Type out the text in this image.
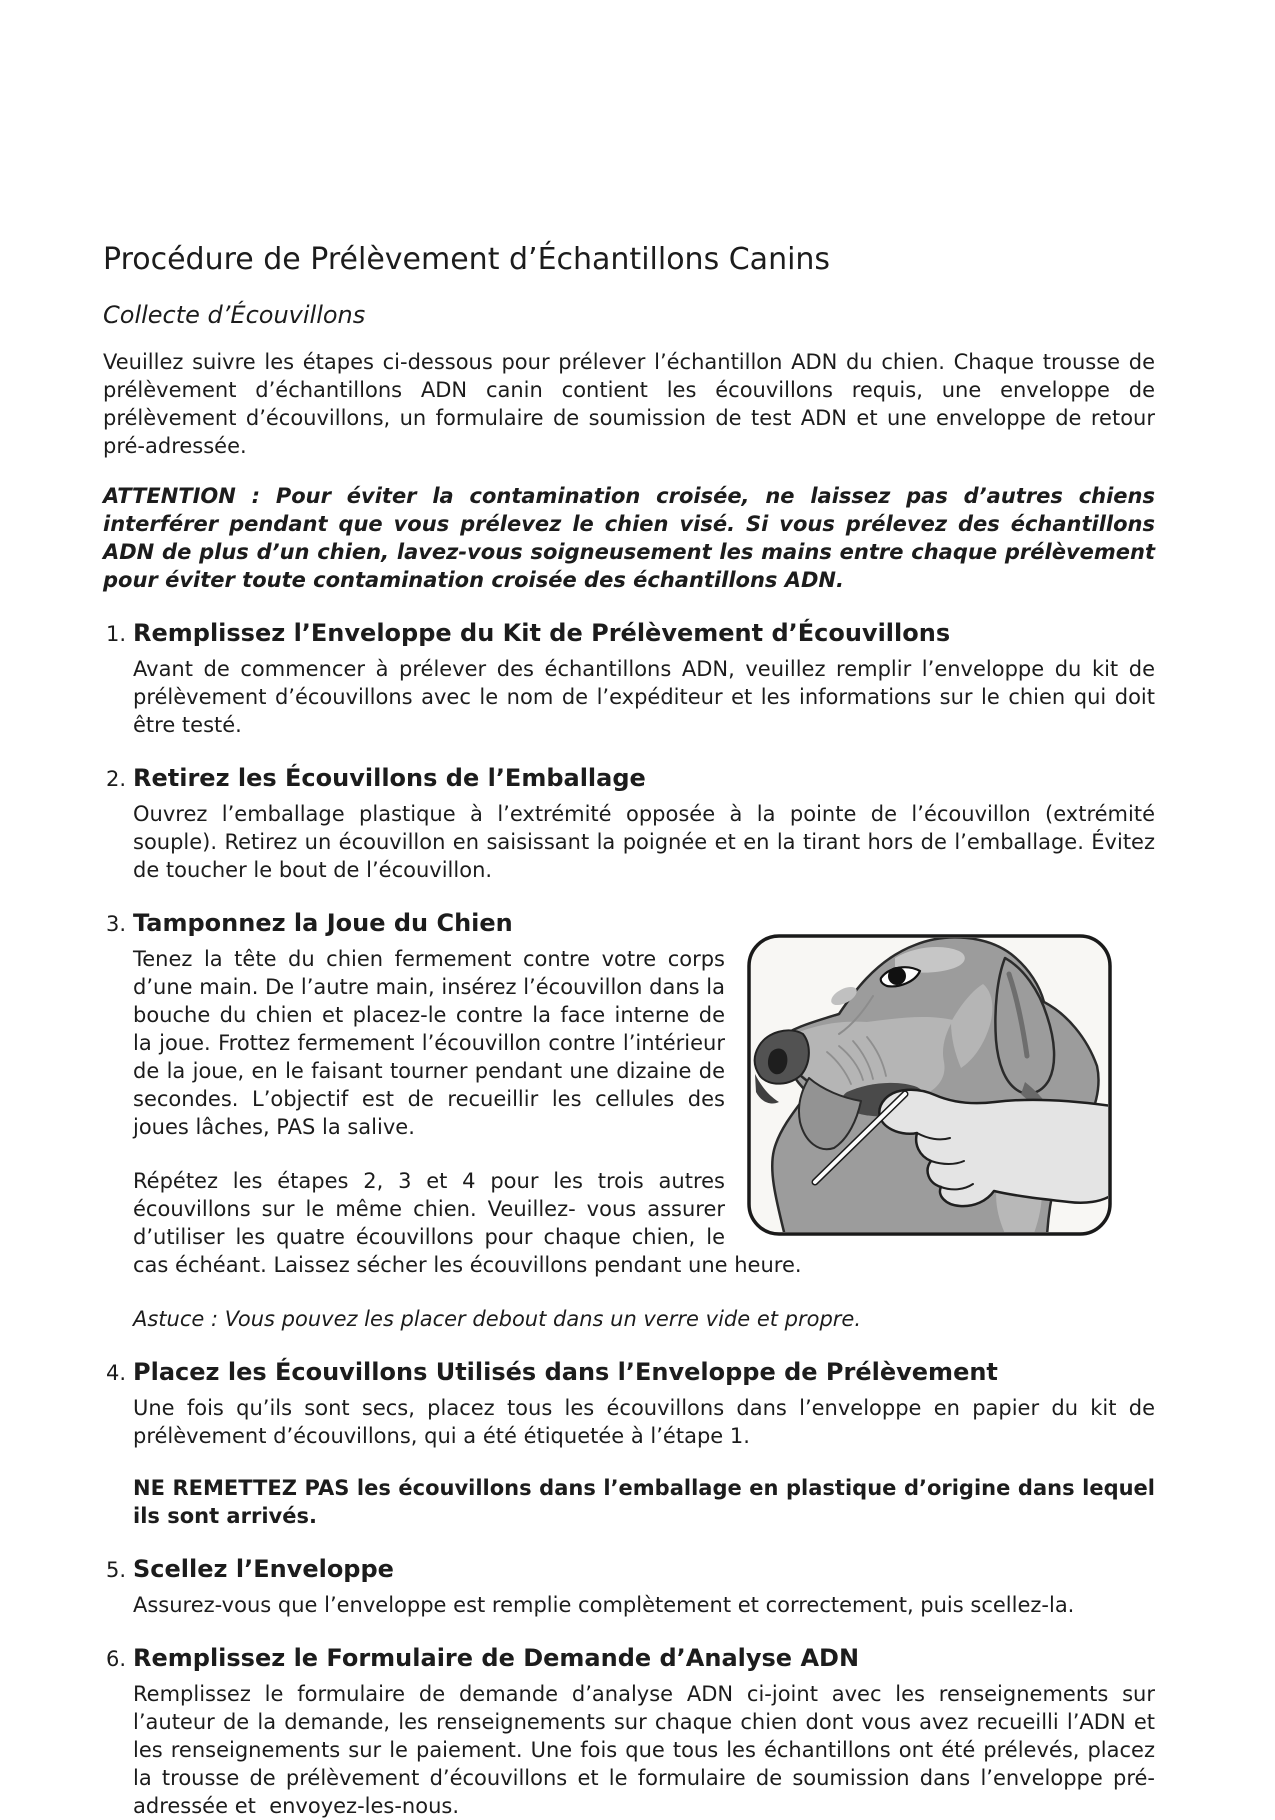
Procédure de Prélèvement d’Échantillons Canins
Collecte d’Écouvillons

Veuillez suivre les étapes ci-dessous pour prélever l’échantillon ADN du chien. Chaque trousse de prélèvement d’échantillons ADN canin contient les écouvillons requis, une enveloppe de prélèvement d’écouvillons, un formulaire de soumission de test ADN et une enveloppe de retour pré-adressée.

ATTENTION : Pour éviter la contamination croisée, ne laissez pas d’autres chiens interférer pendant que vous prélevez le chien visé. Si vous prélevez des échantillons ADN de plus d’un chien, lavez-vous soigneusement les mains entre chaque prélèvement pour éviter toute contamination croisée des échantillons ADN.

1. Remplissez l’Enveloppe du Kit de Prélèvement d’Écouvillons

Avant de commencer à prélever des échantillons ADN, veuillez remplir l’enveloppe du kit de prélèvement d’écouvillons avec le nom de l’expéditeur et les informations sur le chien qui doit être testé.

2. Retirez les Écouvillons de l’Emballage

Ouvrez l’emballage plastique à l’extrémité opposée à la pointe de l’écouvillon (extrémité souple). Retirez un écouvillon en saisissant la poignée et en la tirant hors de l’emballage. Évitez de toucher le bout de l’écouvillon.

3. Tamponnez la Joue du Chien

Tenez la tête du chien fermement contre votre corps d’une main. De l’autre main, insérez l’écouvillon dans la bouche du chien et placez-le contre la face interne de la joue. Frottez fermement l’écouvillon contre l’intérieur de la joue, en le faisant tourner pendant une dizaine de secondes. L’objectif est de recueillir les cellules des joues lâches, PAS la salive.

Répétez les étapes 2, 3 et 4 pour les trois autres écouvillons sur le même chien. Veuillez- vous assurer d’utiliser les quatre écouvillons pour chaque chien, le cas échéant. Laissez sécher les écouvillons pendant une heure.

Astuce : Vous pouvez les placer debout dans un verre vide et propre.

4. Placez les Écouvillons Utilisés dans l’Enveloppe de Prélèvement

Une fois qu’ils sont secs, placez tous les écouvillons dans l’enveloppe en papier du kit de prélèvement d’écouvillons, qui a été étiquetée à l’étape 1.

NE REMETTEZ PAS les écouvillons dans l’emballage en plastique d’origine dans lequel ils sont arrivés.

5. Scellez l’Enveloppe

Assurez-vous que l’enveloppe est remplie complètement et correctement, puis scellez-la.

6. Remplissez le Formulaire de Demande d’Analyse ADN

Remplissez le formulaire de demande d’analyse ADN ci-joint avec les renseignements sur l’auteur de la demande, les renseignements sur chaque chien dont vous avez recueilli l’ADN et les renseignements sur le paiement. Une fois que tous les échantillons ont été prélevés, placez la trousse de prélèvement d’écouvillons et le formulaire de soumission dans l’enveloppe pré-adressée et  envoyez-les-nous.
